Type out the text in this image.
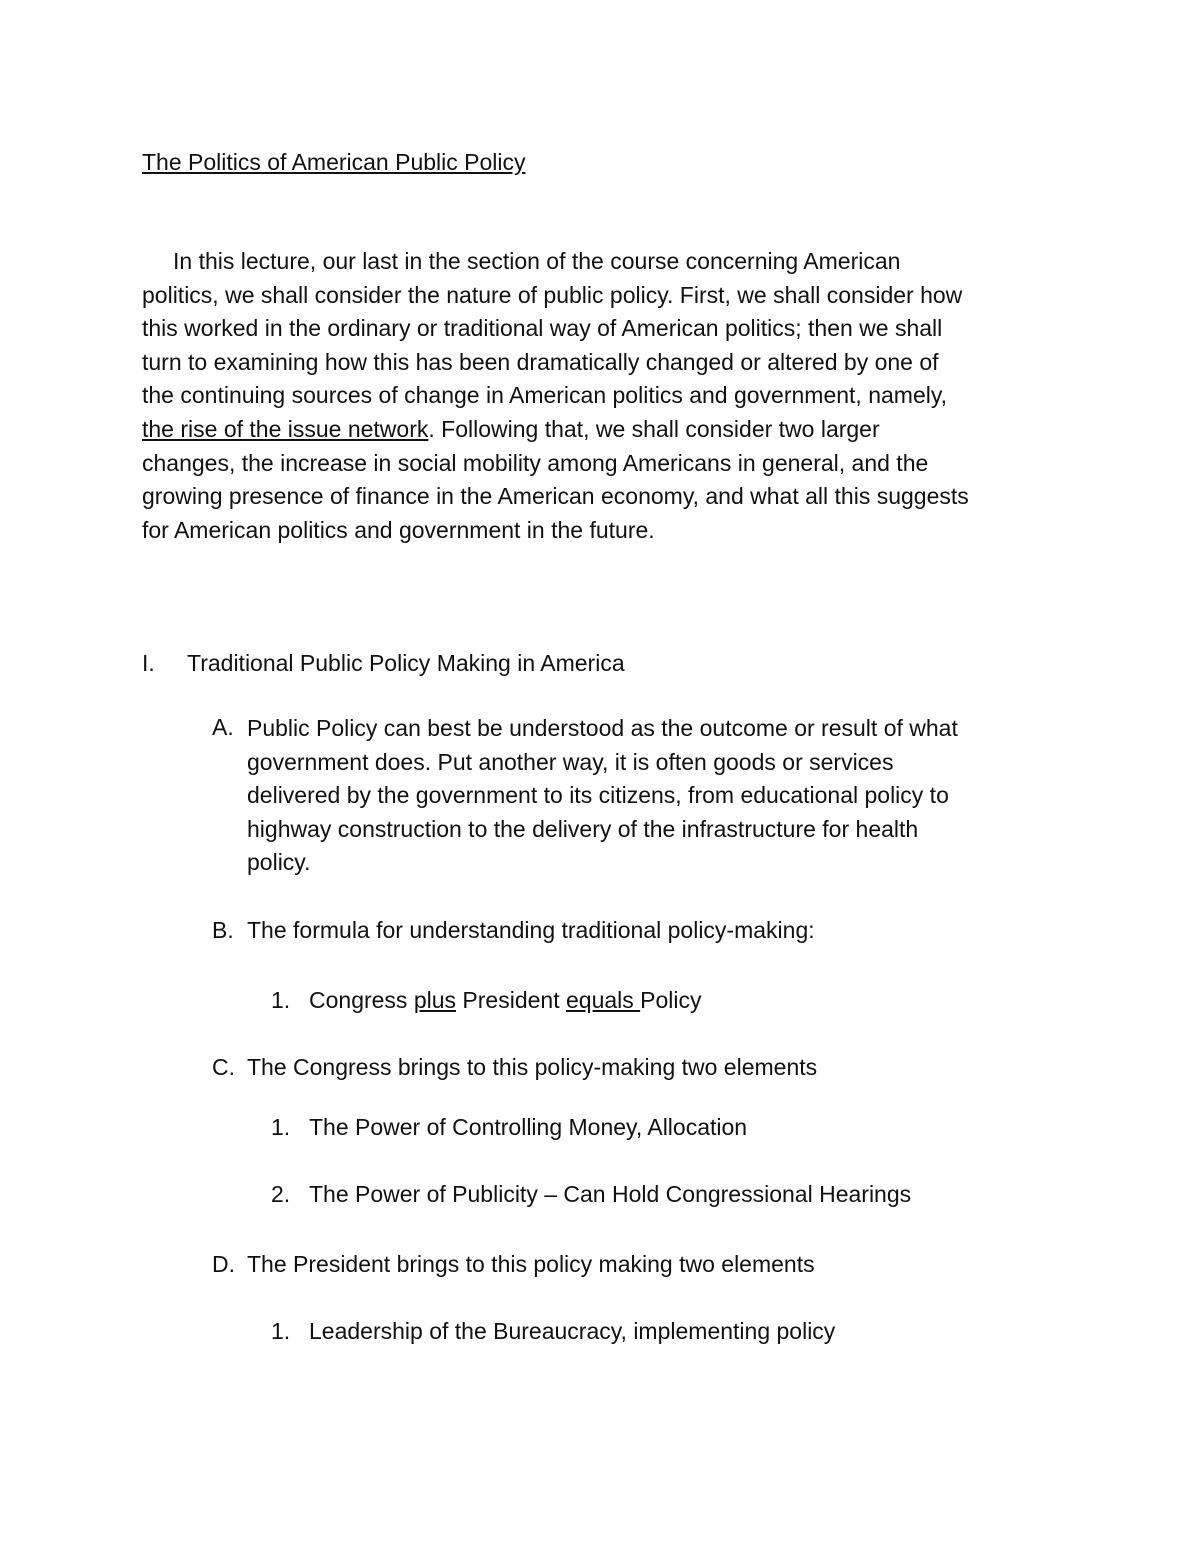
The Politics of American Public Policy
In this lecture, our last in the section of the course concerning American
politics, we shall consider the nature of public policy. First, we shall consider how
this worked in the ordinary or traditional way of American politics; then we shall
turn to examining how this has been dramatically changed or altered by one of
the continuing sources of change in American politics and government, namely,
the rise of the issue network. Following that, we shall consider two larger
changes, the increase in social mobility among Americans in general, and the
growing presence of finance in the American economy, and what all this suggests
for American politics and government in the future.
I. Traditional Public Policy Making in America
A. Public Policy can best be understood as the outcome or result of what
government does. Put another way, it is often goods or services
delivered by the government to its citizens, from educational policy to
highway construction to the delivery of the infrastructure for health
policy.
B. The formula for understanding traditional policy-making:
1. Congress plus President equals Policy
C. The Congress brings to this policy-making two elements
1. The Power of Controlling Money, Allocation
2. The Power of Publicity – Can Hold Congressional Hearings
D. The President brings to this policy making two elements
1. Leadership of the Bureaucracy, implementing policy
